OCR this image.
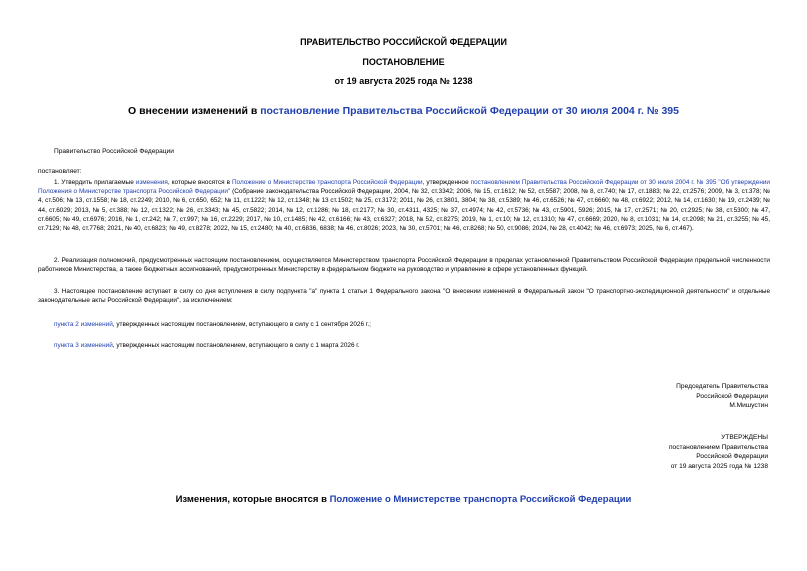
ПРАВИТЕЛЬСТВО РОССИЙСКОЙ ФЕДЕРАЦИИ
ПОСТАНОВЛЕНИЕ
от 19 августа 2025 года № 1238
О внесении изменений в постановление Правительства Российской Федерации от 30 июля 2004 г. № 395
Правительство Российской Федерации
постановляет:
1. Утвердить прилагаемые изменения, которые вносятся в Положение о Министерстве транспорта Российской Федерации, утвержденное постановлением Правительства Российской Федерации от 30 июля 2004 г. № 395 "Об утверждении Положения о Министерстве транспорта Российской Федерации" (Собрание законодательства Российской Федерации, 2004, № 32, ст.3342; 2006, № 15, ст.1612; № 52, ст.5587; 2008, № 8, ст.740; № 17, ст.1883; № 22, ст.2576; 2009, № 3, ст.378; № 4, ст.506; № 13, ст.1558; № 18, ст.2249; 2010, № 6, ст.650, 652; № 11, ст.1222; № 12, ст.1348; № 13 ст.1502; № 25, ст.3172; 2011, № 26, ст.3801, 3804; № 38, ст.5389; № 46, ст.6526; № 47, ст.6660; № 48, ст.6922; 2012, № 14, ст.1630; № 19, ст.2439; № 44, ст.6029; 2013, № 5, ст.388; № 12, ст.1322; № 26, ст.3343; № 45, ст.5822; 2014, № 12, ст.1286; № 18, ст.2177; № 30, ст.4311, 4325; № 37, ст.4974; № 42, ст.5736; № 43, ст.5901, 5926; 2015, № 17, ст.2571; № 20, ст.2925; № 38, ст.5300; № 47, ст.6605; № 49, ст.6976; 2016, № 1, ст.242; № 7, ст.997; № 16, ст.2229; 2017, № 10, ст.1485; № 42, ст.6166; № 43, ст.6327; 2018, № 52, ст.8275; 2019, № 1, ст.10; № 12, ст.1310; № 47, ст.6669; 2020, № 8, ст.1031; № 14, ст.2098; № 21, ст.3255; № 45, ст.7129; № 48, ст.7768; 2021, № 40, ст.6823; № 49, ст.8278; 2022, № 15, ст.2480; № 40, ст.6836, 6838; № 46, ст.8026; 2023, № 30, ст.5701; № 46, ст.8268; № 50, ст.9086; 2024, № 28, ст.4042; № 46, ст.6973; 2025, № 6, ст.467).
2. Реализация полномочий, предусмотренных настоящим постановлением, осуществляется Министерством транспорта Российской Федерации в пределах установленной Правительством Российской Федерации предельной численности работников Министерства, а также бюджетных ассигнований, предусмотренных Министерству в федеральном бюджете на руководство и управление в сфере установленных функций.
3. Настоящее постановление вступает в силу со дня вступления в силу подпункта "а" пункта 1 статьи 1 Федерального закона "О внесении изменений в Федеральный закон "О транспортно-экспедиционной деятельности" и отдельные законодательные акты Российской Федерации", за исключением:
пункта 2 изменений, утвержденных настоящим постановлением, вступающего в силу с 1 сентября 2026 г.;
пункта 3 изменений, утвержденных настоящим постановлением, вступающего в силу с 1 марта 2026 г.
Председатель Правительства
Российской Федерации
М.Мишустин
УТВЕРЖДЕНЫ
постановлением Правительства
Российской Федерации
от 19 августа 2025 года № 1238
Изменения, которые вносятся в Положение о Министерстве транспорта Российской Федерации
